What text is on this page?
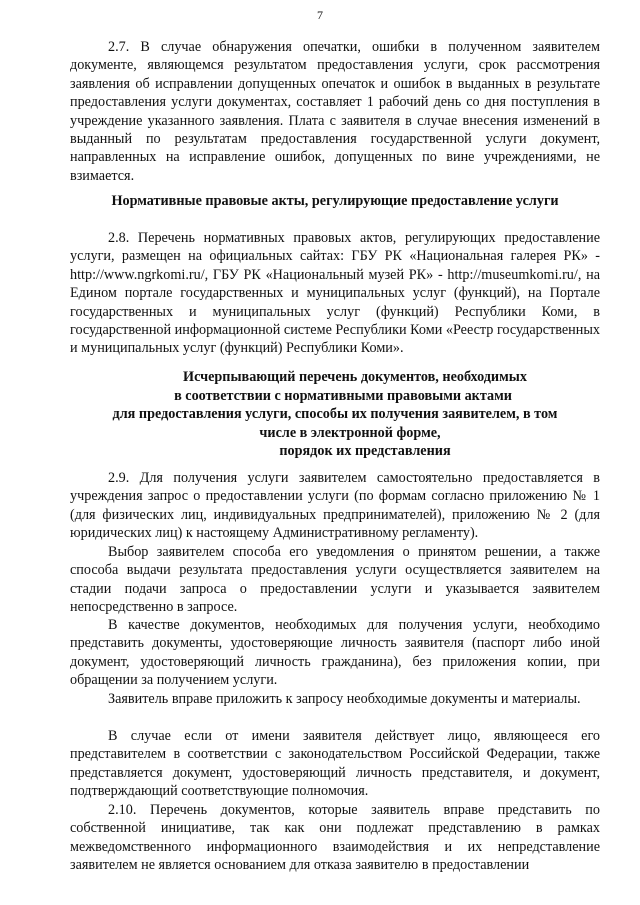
7

2.7. В случае обнаружения опечатки, ошибки в полученном заявителем документе, являющемся результатом предоставления услуги, срок рассмотрения заявления об исправлении допущенных опечаток и ошибок в выданных в результате предоставления услуги документах, составляет 1 рабочий день со дня поступления в учреждение указанного заявления. Плата с заявителя в случае внесения изменений в выданный по результатам предоставления государственной услуги документ, направленных на исправление ошибок, допущенных по вине учреждениями, не взимается.

Нормативные правовые акты, регулирующие предоставление услуги

2.8. Перечень нормативных правовых актов, регулирующих предоставление услуги, размещен на официальных сайтах: ГБУ РК «Национальная галерея РК» - http://www.ngrkomi.ru/, ГБУ РК «Национальный музей РК» - http://museumkomi.ru/, на Едином портале государственных и муниципальных услуг (функций), на Портале государственных и муниципальных услуг (функций) Республики Коми, в государственной информационной системе Республики Коми «Реестр государственных и муниципальных услуг (функций) Республики Коми».

Исчерпывающий перечень документов, необходимых
в соответствии с нормативными правовыми актами
для предоставления услуги, способы их получения заявителем, в том
числе в электронной форме,
порядок их представления

2.9. Для получения услуги заявителем самостоятельно предоставляется в учреждения запрос о предоставлении услуги (по формам согласно приложению № 1 (для физических лиц, индивидуальных предпринимателей), приложению № 2 (для юридических лиц) к настоящему Административному регламенту).

Выбор заявителем способа его уведомления о принятом решении, а также способа выдачи результата предоставления услуги осуществляется заявителем на стадии подачи запроса о предоставлении услуги и указывается заявителем непосредственно в запросе.

В качестве документов, необходимых для получения услуги, необходимо представить документы, удостоверяющие личность заявителя (паспорт либо иной документ, удостоверяющий личность гражданина), без приложения копии, при обращении за получением услуги.

Заявитель вправе приложить к запросу необходимые документы и материалы.

В случае если от имени заявителя действует лицо, являющееся его представителем в соответствии с законодательством Российской Федерации, также представляется документ, удостоверяющий личность представителя, и документ, подтверждающий соответствующие полномочия.

2.10. Перечень документов, которые заявитель вправе представить по собственной инициативе, так как они подлежат представлению в рамках межведомственного информационного взаимодействия и их непредставление заявителем не является основанием для отказа заявителю в предоставлении
